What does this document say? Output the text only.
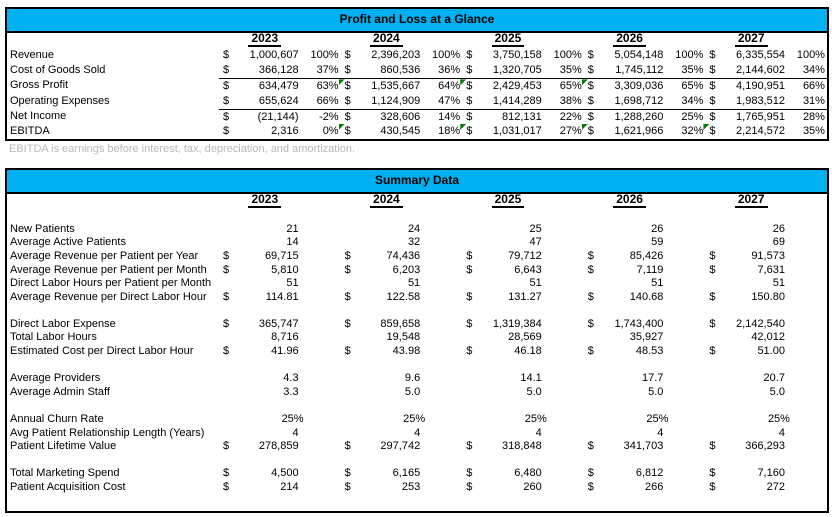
Profit and Loss at a Glance
2023	2024	2025	2026	2027
Revenue	$	1,000,607	100% $	2,396,203	100% $	3,750,158	100% $	5,054,148	100% $	6,335,554	100%
Cost of Goods Sold	$	366,128	37% $	860,536	36% $	1,320,705	35% $	1,745,112	35% $	2,144,602	34%
Gross Profit	$	634,479	63% $	1,535,667	64% $	2,429,453	65% $	3,309,036	65% $	4,190,951	66%
Operating Expenses	$	655,624	66% $	1,124,909	47% $	1,414,289	38% $	1,698,712	34% $	1,983,512	31%
Net Income	$	(21,144)	-2% $	328,606	14% $	812,131	22% $	1,288,260	25% $	1,765,951	28%
EBITDA	$	2,316	0% $	430,545	18% $	1,031,017	27% $	1,621,966	32% $	2,214,572	35%
EBITDA is earnings before interest, tax, depreciation, and amortization.
Summary Data
2023	2024	2025	2026	2027
New Patients	21	24	25	26	26
Average Active Patients	14	32	47	59	69
Average Revenue per Patient per Year	$	69,715	$	74,436	$	79,712	$	85,426	$	91,573
Average Revenue per Patient per Month	$	5,810	$	6,203	$	6,643	$	7,119	$	7,631
Direct Labor Hours per Patient per Month	51	51	51	51	51
Average Revenue per Direct Labor Hour	$	114.81	$	122.58	$	131.27	$	140.68	$	150.80
Direct Labor Expense	$	365,747	$	859,658	$	1,319,384	$	1,743,400	$	2,142,540
Total Labor Hours	8,716	19,548	28,569	35,927	42,012
Estimated Cost per Direct Labor Hour	$	41.96	$	43.98	$	46.18	$	48.53	$	51.00
Average Providers	4.3	9.6	14.1	17.7	20.7
Average Admin Staff	3.3	5.0	5.0	5.0	5.0
Annual Churn Rate	25%	25%	25%	25%	25%
Avg Patient Relationship Length (Years)	4	4	4	4	4
Patient Lifetime Value	$	278,859	$	297,742	$	318,848	$	341,703	$	366,293
Total Marketing Spend	$	4,500	$	6,165	$	6,480	$	6,812	$	7,160
Patient Acquisition Cost	$	214	$	253	$	260	$	266	$	272
